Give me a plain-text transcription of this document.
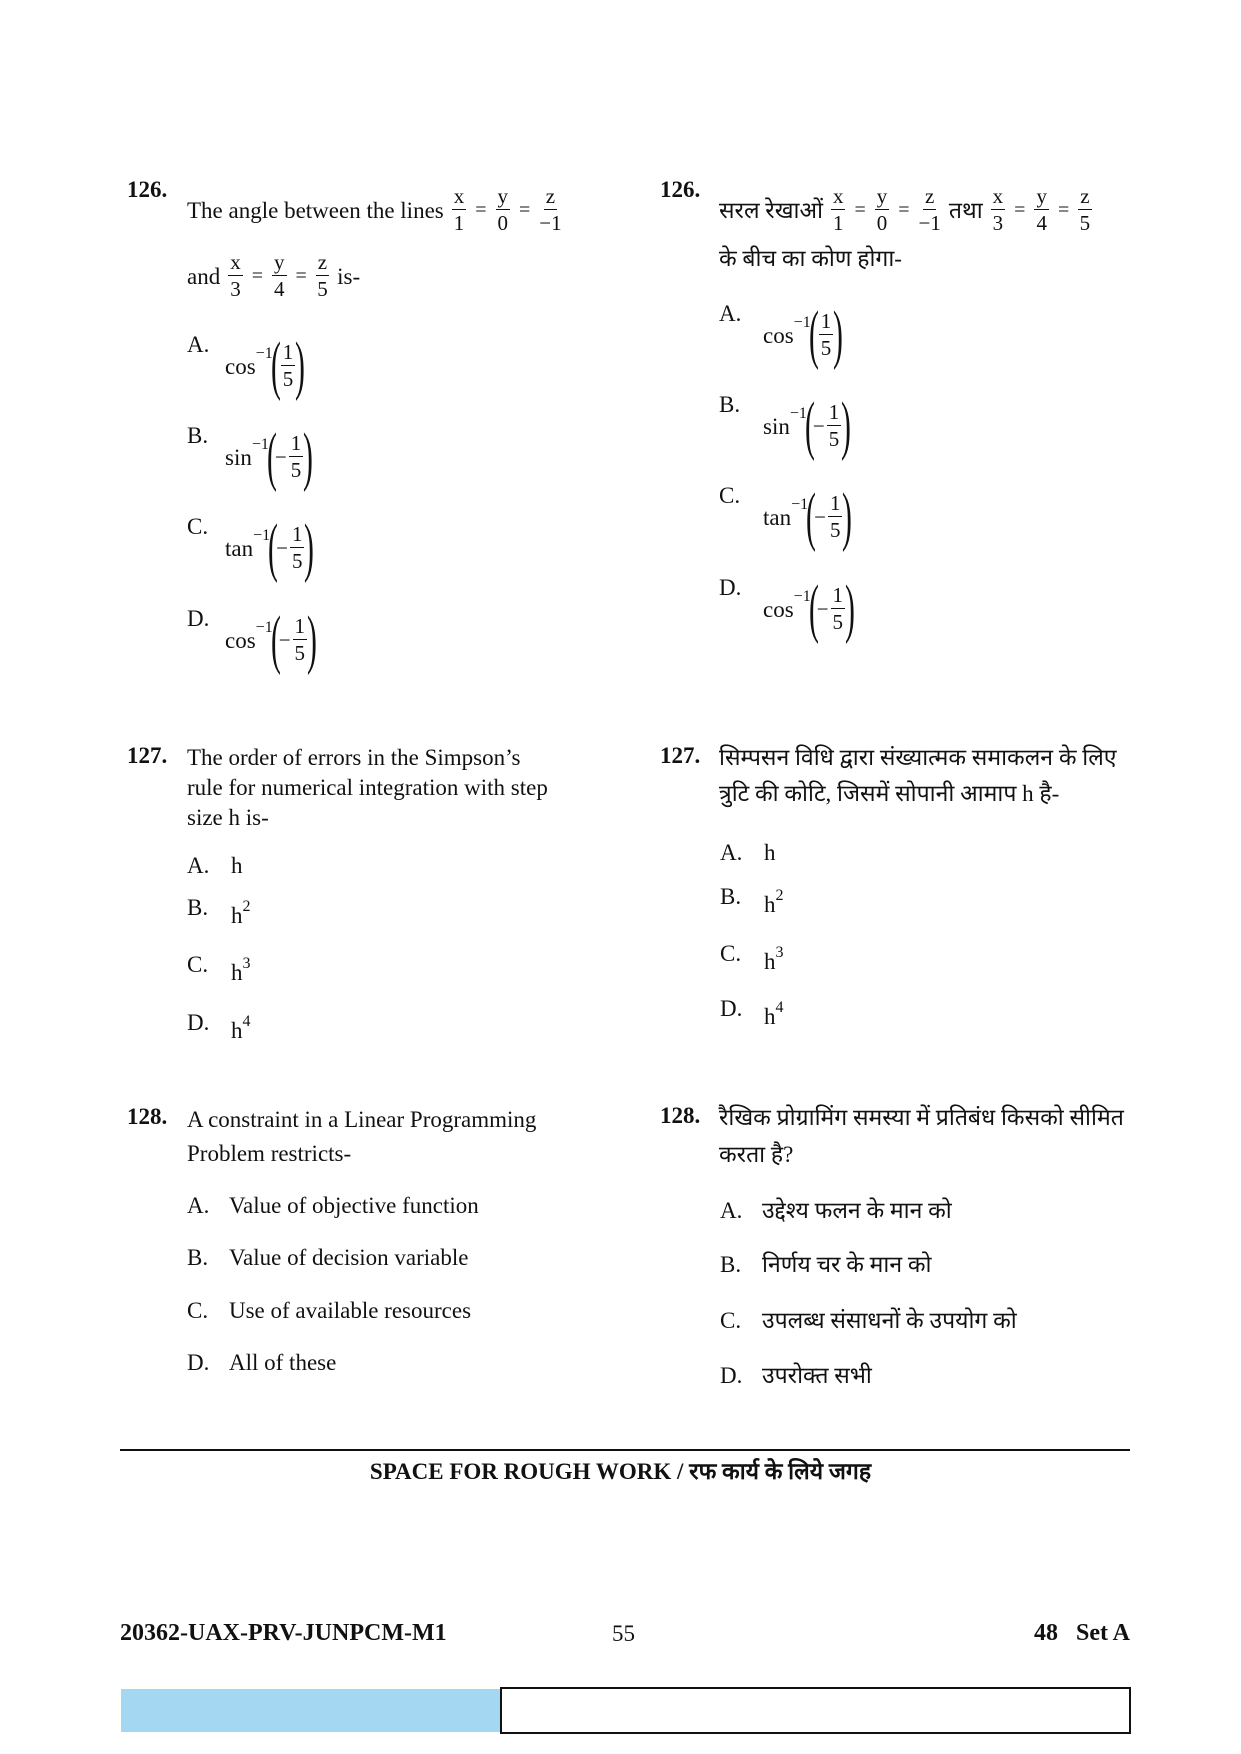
126.
The angle between the lines $\frac{x}{1} = \frac{y}{0} = \frac{z}{-1}$
and $\frac{x}{3} = \frac{y}{4} = \frac{z}{5} is-$
A.
cos −1
( $\frac{1}{5}$ )
B.
sin −1
(
− $\frac{1}{5}$ )
C.
tan −1
(
− $\frac{1}{5}$ )
D.
cos −1
(
− $\frac{1}{5}$ )
126.
सरल रेखाओं $\frac{x}{1} = \frac{y}{0} = \frac{z}{-1}$ तथा $\frac{x}{3} = \frac{y}{4} = \frac{z}{5}$
के बीच का कोण होगा-
A.
cos −1
( $\frac{1}{5}$ )
B.
sin −1
(
− $\frac{1}{5}$ )
C.
tan −1
(
− $\frac{1}{5}$ )
D.
cos −1
(
− $\frac{1}{5}$ )
127. The order of errors in the Simpson’s
rule for numerical integration with step
size h is-
A. h
B. $h^2$
C. $h^3$
D. $h^4$
127. सिम्पसन विधि द्वारा संख्यात्मक समाकलन के लिए
त्रुटि की कोटि, जिसमें सोपानी आमाप h है-
A. h
B. $h^2$
C. $h^3$
D. $h^4$
128. A constraint in a Linear Programming
Problem restricts-
A. Value of objective function
B. Value of decision variable
C. Use of available resources
D. All of these
128. रैखिक प्रोग्रामिंग समस्या में प्रतिबंध किसको सीमित
करता है?
A. उद्देश्य फलन के मान को
B. निर्णय चर के मान को
C. उपलब्ध संसाधनों के उपयोग को
D. उपरोक्त सभी
SPACE FOR ROUGH WORK / रफ कार्य के लिये जगह
20362-UAX-PRV-JUNPCM-M1	55	48   Set A
